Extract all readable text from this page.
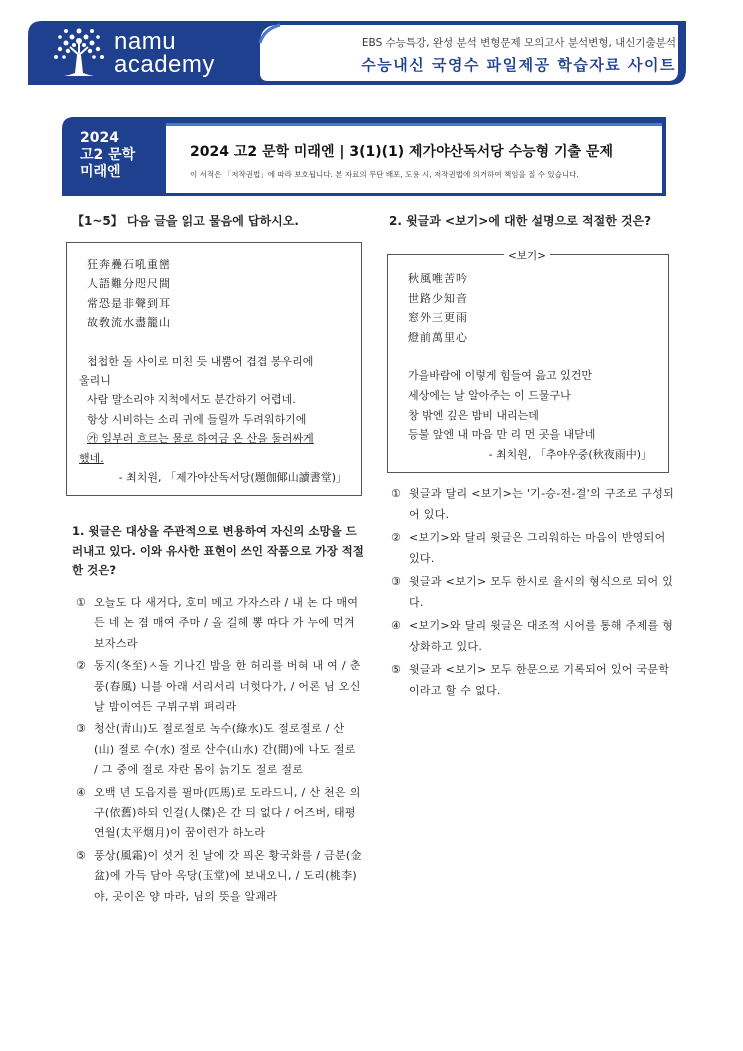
namu
academy
EBS 수능특강, 완성 분석 변형문제 모의고사 분석변형, 내신기출분석
수능내신 국영수 파일제공 학습자료 사이트
2024
고2 문학
미래엔
2024 고2 문학 미래엔 | 3(1)(1) 제가야산독서당 수능형 기출 문제
이 서적은 「저작권법」에 따라 보호됩니다. 본 자료의 무단 배포, 도용 시, 저작권법에 의거하여 책임을 질 수 있습니다.
【1~5】 다음 글을 읽고 물음에 답하시오.
狂奔疊石吼重巒
人語難分咫尺間
常恐是非聲到耳
故敎流水盡籠山
첩첩한 돌 사이로 미친 듯 내뿜어 겹겹 봉우리에
울리니
사람 말소리야 지척에서도 분간하기 어렵네.
항상 시비하는 소리 귀에 들릴까 두려워하기에
㉮ 일부러 흐르는 물로 하여금 온 산을 둘러싸게
했네.
- 최치원, 「제가야산독서당(題伽倻山讀書堂)」
1. 윗글은 대상을 주관적으로 변용하여 자신의 소망을 드러내고 있다. 이와 유사한 표현이 쓰인 작품으로 가장 적절한 것은?
① 오늘도 다 새거다, 호미 메고 가자스라 / 내 논 다 매여든 네 논 졈 매여 주마 / 올 길헤 뽕 따다 가 누에 먹겨 보자스라
② 동지(冬至)ㅅ돌 기나긴 밤을 한 허리를 버혀 내 여 / 춘풍(春風) 니블 아래 서리서리 너헛다가, / 어론 님 오신 날 밤이여든 구뷔구뷔 펴리라
③ 청산(靑山)도 절로절로 녹수(綠水)도 절로절로 / 산(山) 절로 수(水) 절로 산수(山水) 간(間)에 나도 절로 / 그 중에 절로 자란 몸이 늙기도 절로 절로
④ 오백 년 도읍지를 필마(匹馬)로 도라드니, / 산 천은 의구(依舊)하되 인걸(人傑)은 간 듸 없다 / 어즈버, 태평연월(太平烟月)이 꿈이런가 하노라
⑤ 풍상(風霜)이 섯거 친 날에 갓 픠온 황국화를 / 금분(金盆)에 가득 담아 옥당(玉堂)에 보내오니, / 도리(桃李)야, 곳이온 양 마라, 님의 뜻을 알괘라
2. 윗글과 <보기>에 대한 설명으로 적절한 것은?
<보기>
秋風唯苦吟
世路少知音
窓外三更雨
燈前萬里心
가을바람에 이렇게 힘들여 읊고 있건만
세상에는 날 알아주는 이 드물구나
창 밖엔 깊은 밤비 내리는데
등불 앞엔 내 마음 만 리 먼 곳을 내닫네
- 최치원, 「추야우중(秋夜雨中)」
① 윗글과 달리 <보기>는 '기-승-전-결'의 구조로 구성되어 있다.
② <보기>와 달리 윗글은 그리워하는 마음이 반영되어 있다.
③ 윗글과 <보기> 모두 한시로 율시의 형식으로 되어 있다.
④ <보기>와 달리 윗글은 대조적 시어를 통해 주제를 형상화하고 있다.
⑤ 윗글과 <보기> 모두 한문으로 기록되어 있어 국문학이라고 할 수 없다.
